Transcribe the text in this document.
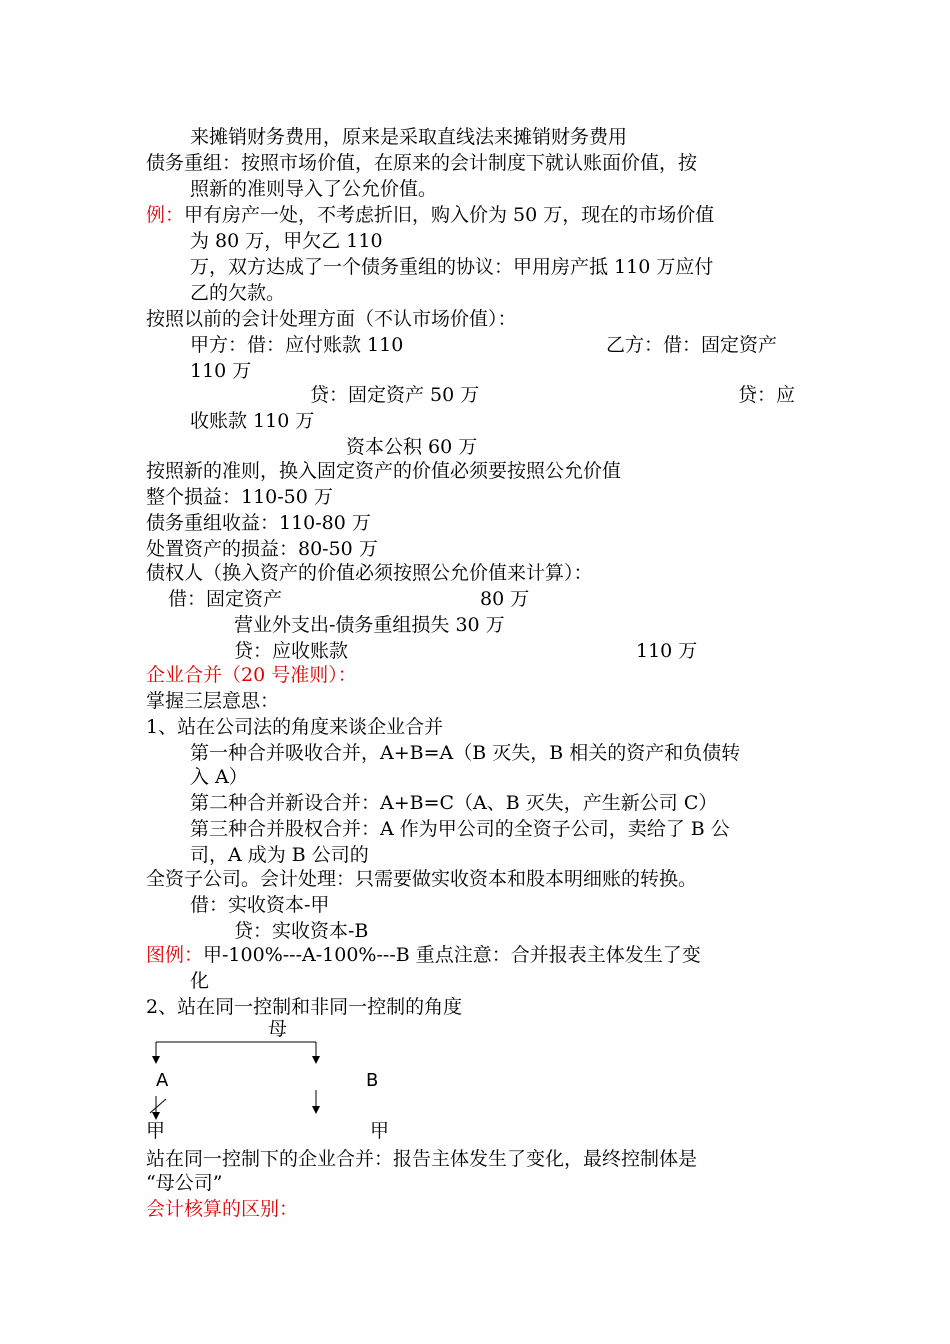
来摊销财务费用，原来是采取直线法来摊销财务费用
债务重组：按照市场价值，在原来的会计制度下就认账面价值，按
照新的准则导入了公允价值。
例：甲有房产一处，不考虑折旧，购入价为 50 万，现在的市场价值
为 80 万，甲欠乙 110
万，双方达成了一个债务重组的协议：甲用房产抵 110 万应付
乙的欠款。
按照以前的会计处理方面（不认市场价值）：
甲方：借：应付账款 110	乙方：借：固定资产
110 万
贷：固定资产 50 万	贷：应
收账款 110 万
资本公积 60 万
按照新的准则，换入固定资产的价值必须要按照公允价值
整个损益：110-50 万
债务重组收益：110-80 万
处置资产的损益：80-50 万
债权人（换入资产的价值必须按照公允价值来计算）：
借：固定资产	80 万
营业外支出-债务重组损失 30 万
贷：应收账款	110 万
企业合并（20 号准则）：
掌握三层意思：
1、站在公司法的角度来谈企业合并
第一种合并吸收合并，A+B=A（B 灭失，B 相关的资产和负债转
入 A）
第二种合并新设合并：A+B=C（A、B 灭失，产生新公司 C）
第三种合并股权合并：A 作为甲公司的全资子公司，卖给了 B 公
司，A 成为 B 公司的
全资子公司。会计处理：只需要做实收资本和股本明细账的转换。
借：实收资本-甲
贷：实收资本-B
图例：甲-100%---A-100%---B 重点注意：合并报表主体发生了变
化
2、站在同一控制和非同一控制的角度
母
A	B
甲	甲
站在同一控制下的企业合并：报告主体发生了变化，最终控制体是
“母公司”
会计核算的区别：
